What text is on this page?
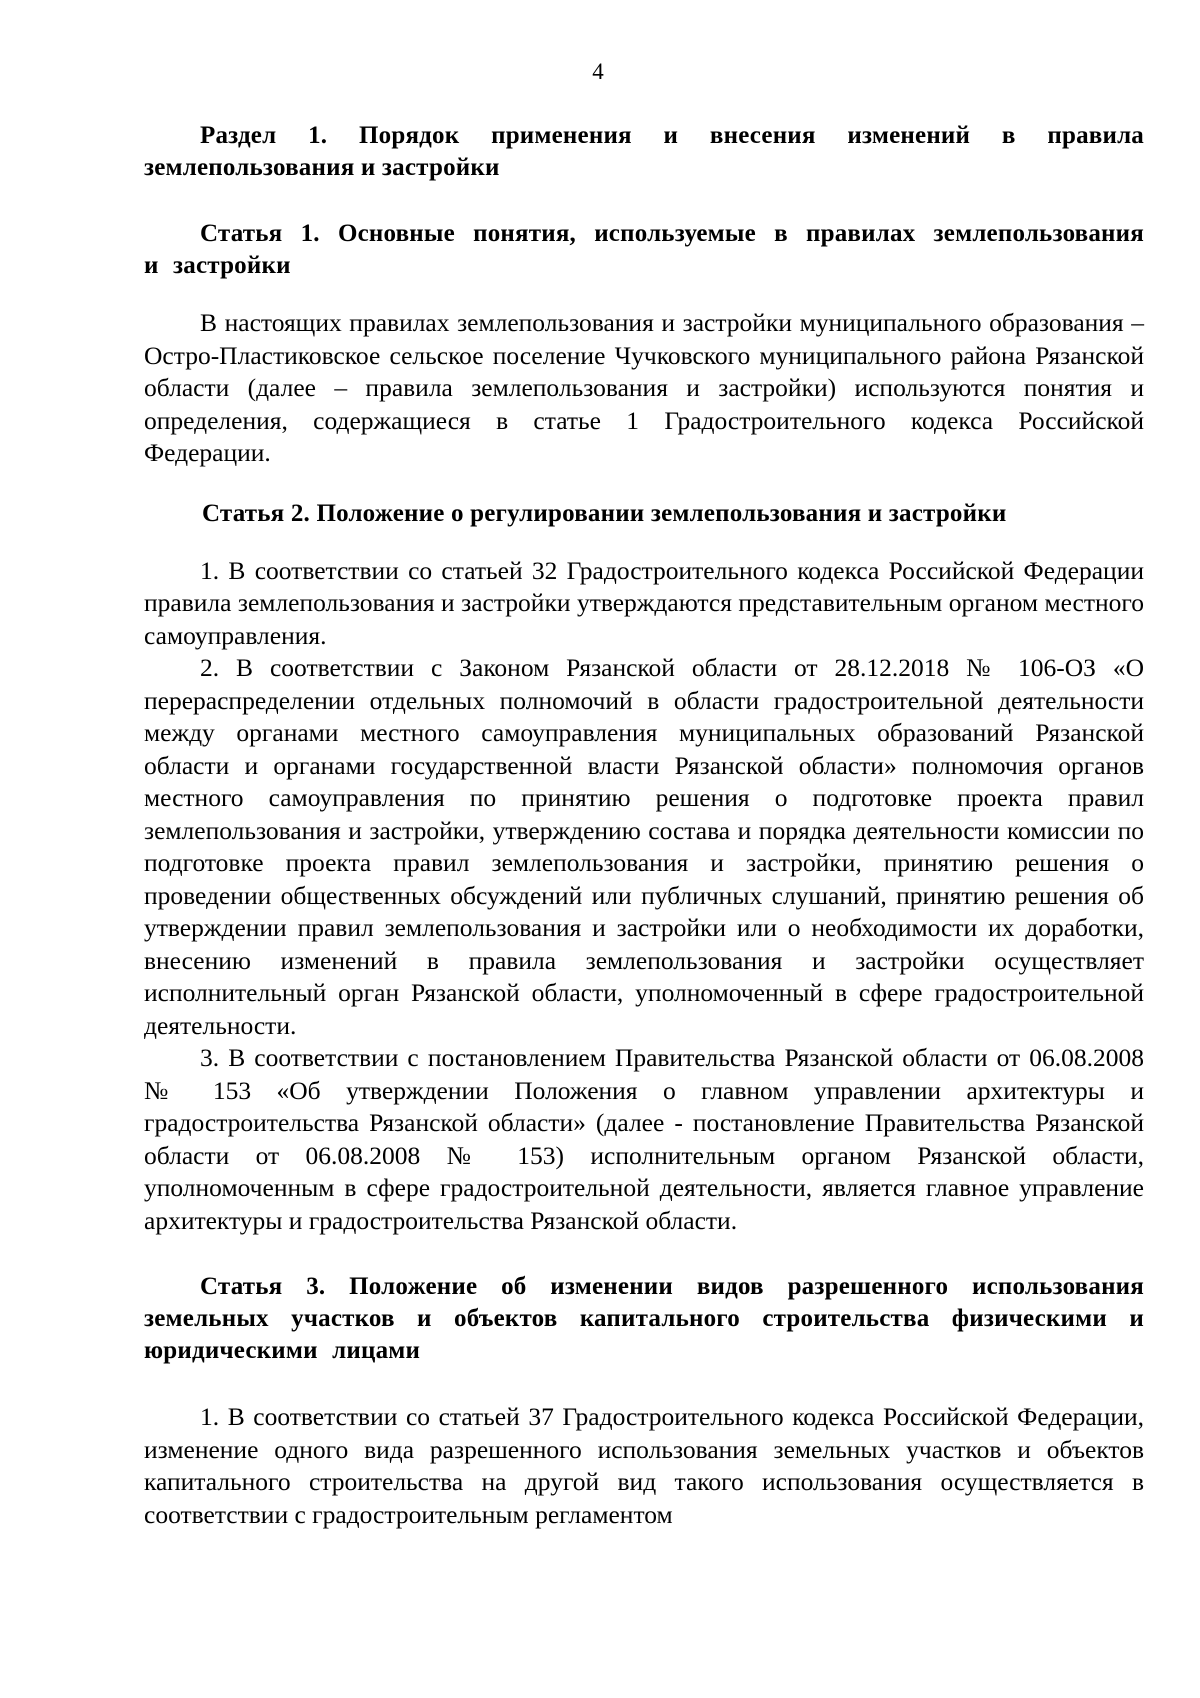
4

Раздел 1. Порядок применения и внесения изменений в правила землепользования и застройки

Статья 1. Основные понятия, используемые в правилах землепользования и застройки

В настоящих правилах землепользования и застройки муниципального образования – Остро-Пластиковское сельское поселение Чучковского муниципального района Рязанской области (далее – правила землепользования и застройки) используются понятия и определения, содержащиеся в статье 1 Градостроительного кодекса Российской Федерации.

Статья 2. Положение о регулировании землепользования и застройки

1. В соответствии со статьей 32 Градостроительного кодекса Российской Федерации правила землепользования и застройки утверждаются представительным органом местного самоуправления.

2. В соответствии с Законом Рязанской области от 28.12.2018 № 106-ОЗ «О перераспределении отдельных полномочий в области градостроительной деятельности между органами местного самоуправления муниципальных образований Рязанской области и органами государственной власти Рязанской области» полномочия органов местного самоуправления по принятию решения о подготовке проекта правил землепользования и застройки, утверждению состава и порядка деятельности комиссии по подготовке проекта правил землепользования и застройки, принятию решения о проведении общественных обсуждений или публичных слушаний, принятию решения об утверждении правил землепользования и застройки или о необходимости их доработки, внесению изменений в правила землепользования и застройки осуществляет исполнительный орган Рязанской области, уполномоченный в сфере градостроительной деятельности.

3. В соответствии с постановлением Правительства Рязанской области от 06.08.2008 № 153 «Об утверждении Положения о главном управлении архитектуры и градостроительства Рязанской области» (далее - постановление Правительства Рязанской области от 06.08.2008 № 153) исполнительным органом Рязанской области, уполномоченным в сфере градостроительной деятельности, является главное управление архитектуры и градостроительства Рязанской области.

Статья 3. Положение об изменении видов разрешенного использования земельных участков и объектов капитального строительства физическими и юридическими лицами

1. В соответствии со статьей 37 Градостроительного кодекса Российской Федерации, изменение одного вида разрешенного использования земельных участков и объектов капитального строительства на другой вид такого использования осуществляется в соответствии с градостроительным регламентом
